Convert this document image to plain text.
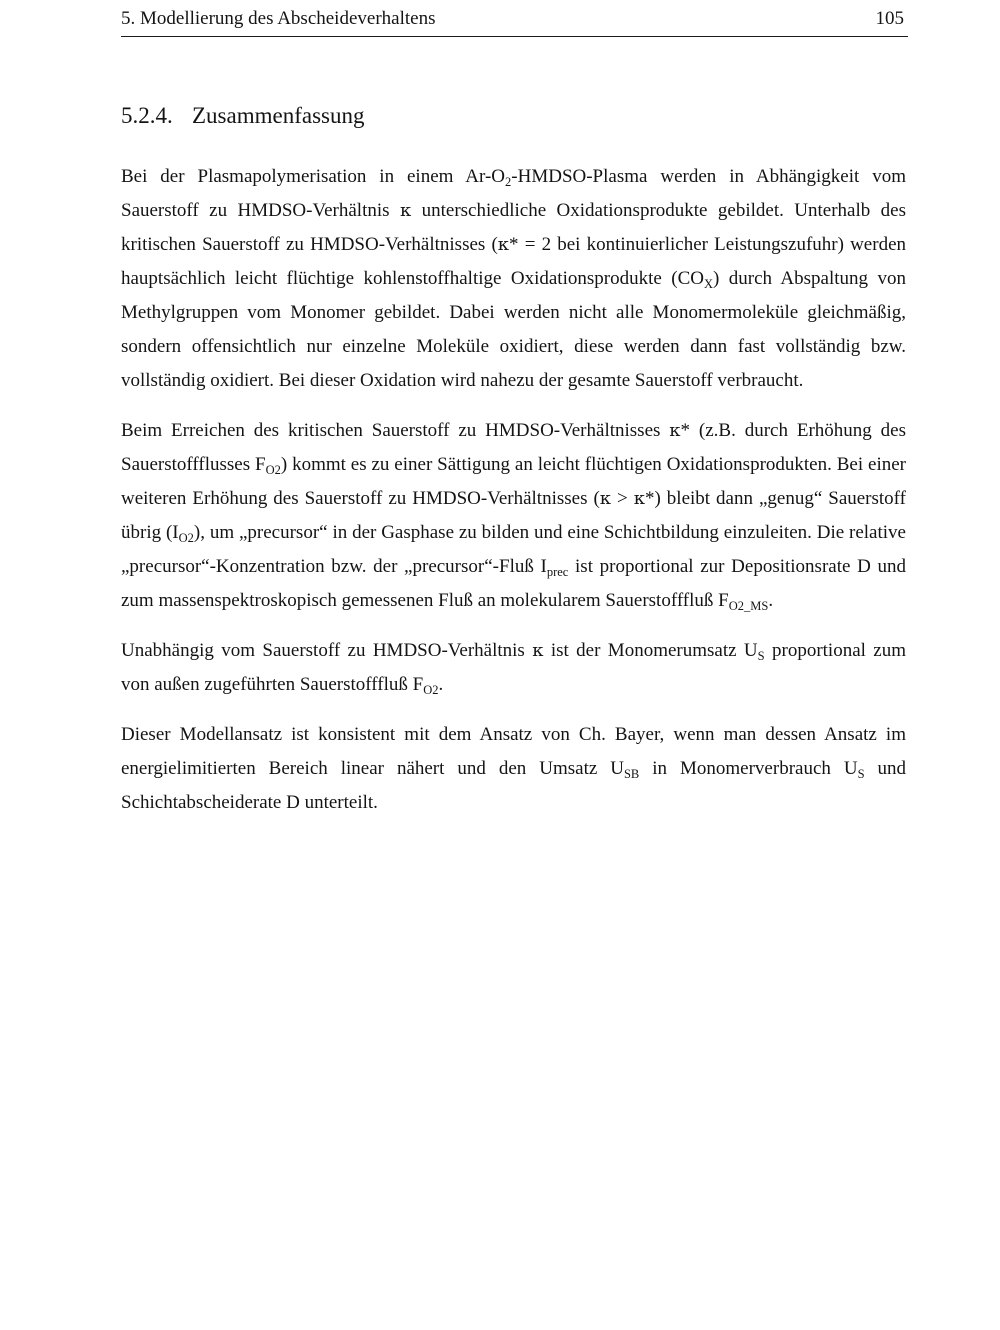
5. Modellierung des Abscheideverhaltens	105
5.2.4. Zusammenfassung

Bei der Plasmapolymerisation in einem $Ar-O_2-HMDSO$-Plasma werden in Abhängigkeit vom Sauerstoff zu HMDSO-Verhältnis κ unterschiedliche Oxidationsprodukte gebildet. Unterhalb des kritischen Sauerstoff zu HMDSO-Verhältnisses (κ* = 2 bei kontinuierlicher Leistungszufuhr) werden hauptsächlich leicht flüchtige kohlenstoffhaltige Oxidationsprodukte $(CO_X)$ durch Abspaltung von Methylgruppen vom Monomer gebildet. Dabei werden nicht alle Monomermoleküle gleichmäßig, sondern offensichtlich nur einzelne Moleküle oxidiert, diese werden dann fast vollständig bzw. vollständig oxidiert. Bei dieser Oxidation wird nahezu der gesamte Sauerstoff verbraucht.

Beim Erreichen des kritischen Sauerstoff zu HMDSO-Verhältnisses κ* (z.B. durch Erhöhung des Sauerstoffflusses $F_{O2}$) kommt es zu einer Sättigung an leicht flüchtigen Oxidationsprodukten. Bei einer weiteren Erhöhung des Sauerstoff zu HMDSO-Verhältnisses (κ > κ*) bleibt dann „genug“ Sauerstoff übrig $(I_{O2})$, um „precursor“ in der Gasphase zu bilden und eine Schichtbildung einzuleiten. Die relative „precursor“-Konzentration bzw. der „precursor“-Fluß $I_{prec}$ ist proportional zur Depositionsrate D und zum massenspektroskopisch gemessenen Fluß an molekularem Sauerstofffluß $F_{O2\_MS}$.

Unabhängig vom Sauerstoff zu HMDSO-Verhältnis κ ist der Monomerumsatz $U_S$ proportional zum von außen zugeführten Sauerstofffluß $F_{O2}$.

Dieser Modellansatz ist konsistent mit dem Ansatz von Ch. Bayer, wenn man dessen Ansatz im energielimitierten Bereich linear nähert und den Umsatz $U_{SB}$ in Monomerverbrauch $U_S$ und Schichtabscheiderate D unterteilt.
